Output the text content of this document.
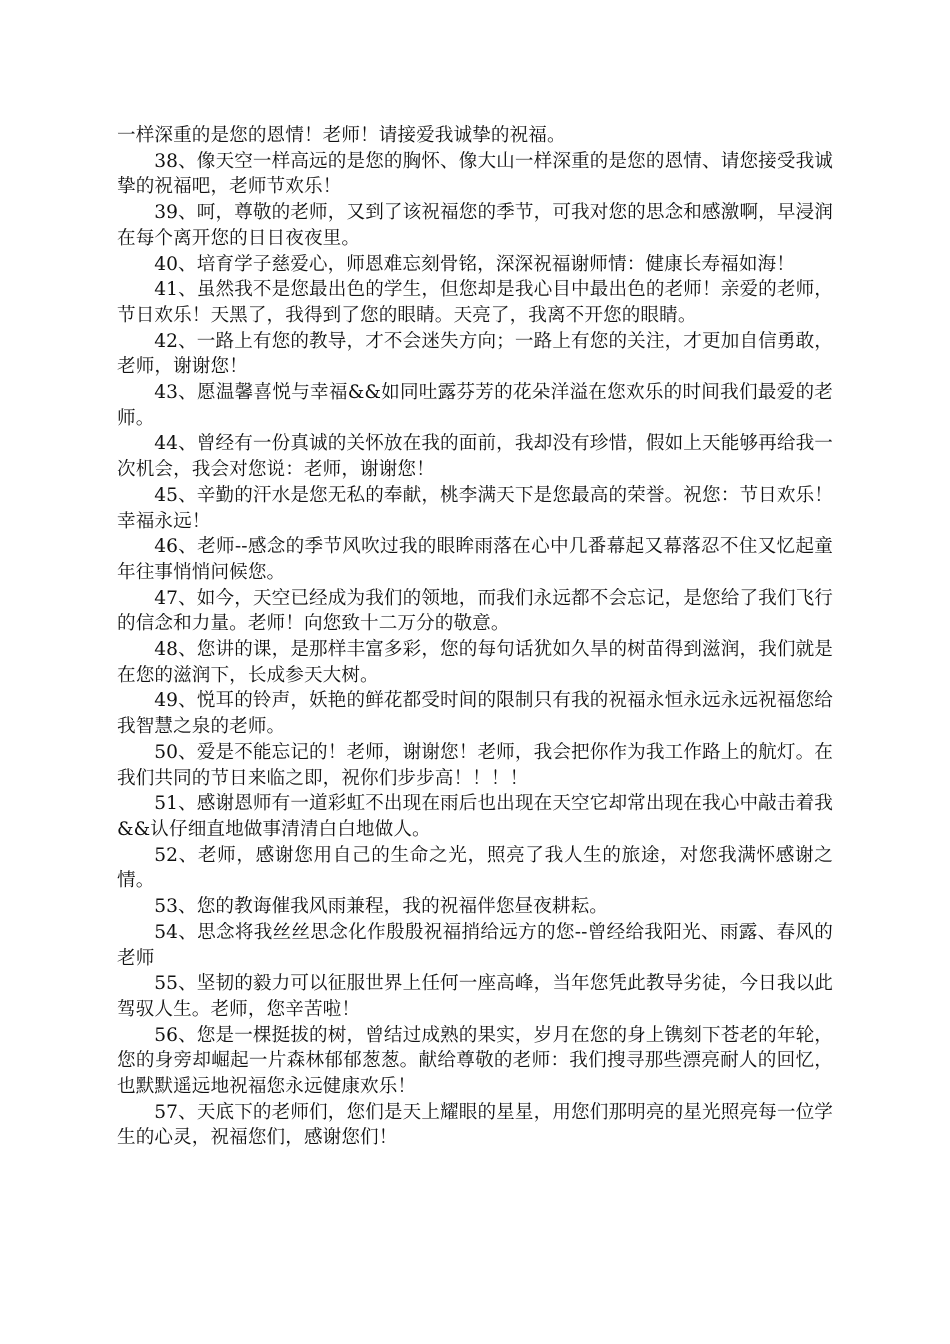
一样深重的是您的恩情！老师！请接爱我诚挚的祝福。

38、像天空一样高远的是您的胸怀、像大山一样深重的是您的恩情、请您接受我诚挚的祝福吧，老师节欢乐！

39、呵，尊敬的老师，又到了该祝福您的季节，可我对您的思念和感激啊，早浸润在每个离开您的日日夜夜里。

40、培育学子慈爱心，师恩难忘刻骨铭，深深祝福谢师情：健康长寿福如海！

41、虽然我不是您最出色的学生，但您却是我心目中最出色的老师！亲爱的老师，节日欢乐！天黑了，我得到了您的眼睛。天亮了，我离不开您的眼睛。

42、一路上有您的教导，才不会迷失方向；一路上有您的关注，才更加自信勇敢，老师，谢谢您！

43、愿温馨喜悦与幸福&&如同吐露芬芳的花朵洋溢在您欢乐的时间我们最爱的老师。

44、曾经有一份真诚的关怀放在我的面前，我却没有珍惜，假如上天能够再给我一次机会，我会对您说：老师，谢谢您！

45、辛勤的汗水是您无私的奉献，桃李满天下是您最高的荣誉。祝您：节日欢乐！幸福永远！

46、老师--感念的季节风吹过我的眼眸雨落在心中几番幕起又幕落忍不住又忆起童年往事悄悄问候您。

47、如今，天空已经成为我们的领地，而我们永远都不会忘记，是您给了我们飞行的信念和力量。老师！向您致十二万分的敬意。

48、您讲的课，是那样丰富多彩，您的每句话犹如久旱的树苗得到滋润，我们就是在您的滋润下，长成参天大树。

49、悦耳的铃声，妖艳的鲜花都受时间的限制只有我的祝福永恒永远永远祝福您给我智慧之泉的老师。

50、爱是不能忘记的！老师，谢谢您！老师，我会把你作为我工作路上的航灯。在我们共同的节日来临之即，祝你们步步高！！！！

51、感谢恩师有一道彩虹不出现在雨后也出现在天空它却常出现在我心中敲击着我&&认仔细直地做事清清白白地做人。

52、老师，感谢您用自己的生命之光，照亮了我人生的旅途，对您我满怀感谢之情。

53、您的教诲催我风雨兼程，我的祝福伴您昼夜耕耘。

54、思念将我丝丝思念化作殷殷祝福捎给远方的您--曾经给我阳光、雨露、春风的老师

55、坚韧的毅力可以征服世界上任何一座高峰，当年您凭此教导劣徒，今日我以此驾驭人生。老师，您辛苦啦！

56、您是一棵挺拔的树，曾结过成熟的果实，岁月在您的身上镌刻下苍老的年轮，您的身旁却崛起一片森林郁郁葱葱。献给尊敬的老师：我们搜寻那些漂亮耐人的回忆，也默默遥远地祝福您永远健康欢乐！

57、天底下的老师们，您们是天上耀眼的星星，用您们那明亮的星光照亮每一位学生的心灵，祝福您们，感谢您们！
